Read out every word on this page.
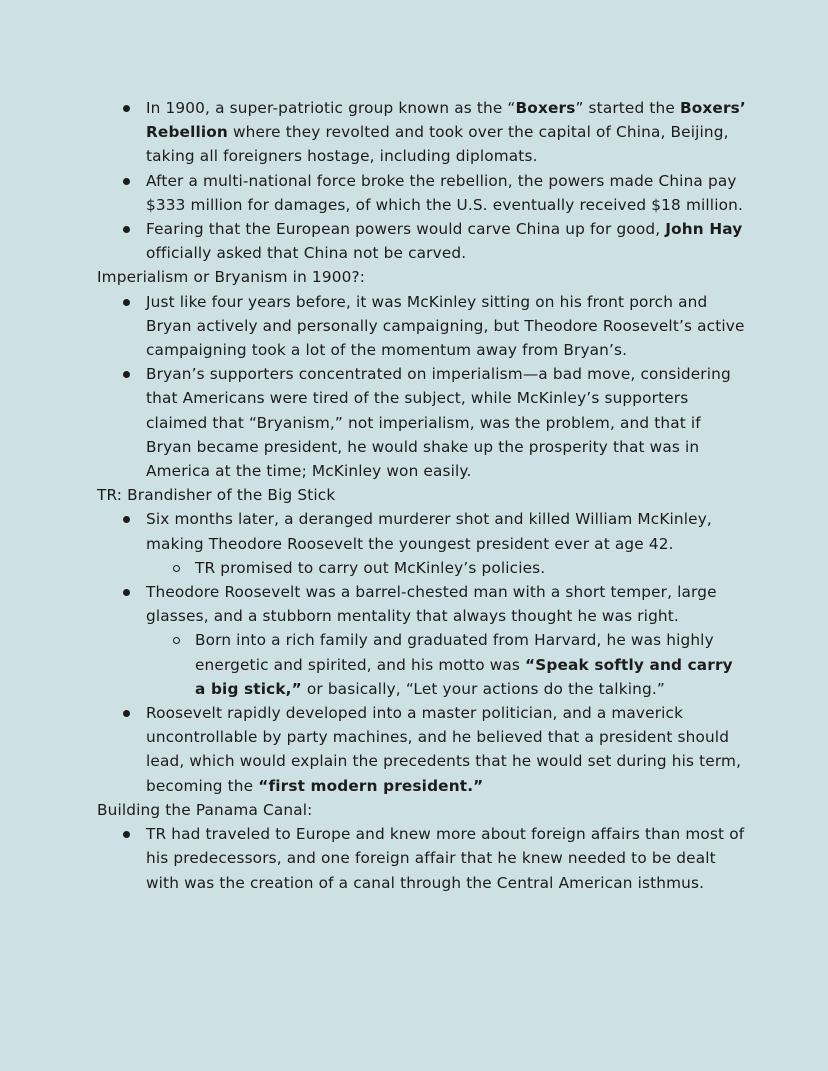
In 1900, a super-patriotic group known as the “Boxers” started the Boxers’ Rebellion where they revolted and took over the capital of China, Beijing, taking all foreigners hostage, including diplomats.
After a multi-national force broke the rebellion, the powers made China pay $333 million for damages, of which the U.S. eventually received $18 million.
Fearing that the European powers would carve China up for good, John Hay officially asked that China not be carved.
Imperialism or Bryanism in 1900?:
Just like four years before, it was McKinley sitting on his front porch and Bryan actively and personally campaigning, but Theodore Roosevelt’s active campaigning took a lot of the momentum away from Bryan’s.
Bryan’s supporters concentrated on imperialism—a bad move, considering that Americans were tired of the subject, while McKinley’s supporters claimed that “Bryanism,” not imperialism, was the problem, and that if Bryan became president, he would shake up the prosperity that was in America at the time; McKinley won easily.
TR: Brandisher of the Big Stick
Six months later, a deranged murderer shot and killed William McKinley, making Theodore Roosevelt the youngest president ever at age 42.
TR promised to carry out McKinley’s policies.
Theodore Roosevelt was a barrel-chested man with a short temper, large glasses, and a stubborn mentality that always thought he was right.
Born into a rich family and graduated from Harvard, he was highly energetic and spirited, and his motto was “Speak softly and carry a big stick,” or basically, “Let your actions do the talking.”
Roosevelt rapidly developed into a master politician, and a maverick uncontrollable by party machines, and he believed that a president should lead, which would explain the precedents that he would set during his term, becoming the “first modern president.”
Building the Panama Canal:
TR had traveled to Europe and knew more about foreign affairs than most of his predecessors, and one foreign affair that he knew needed to be dealt with was the creation of a canal through the Central American isthmus.
